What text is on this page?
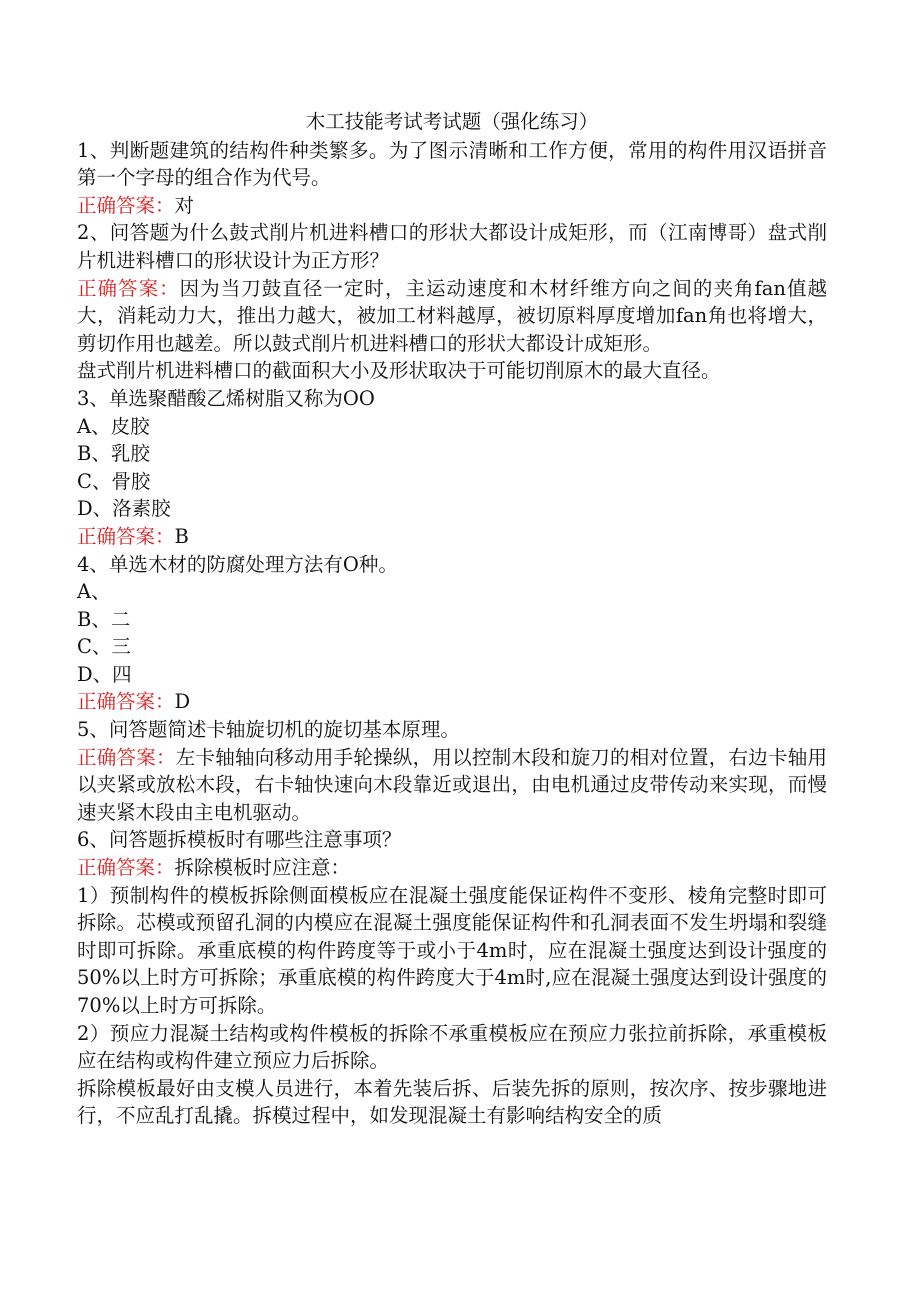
木工技能考试考试题（强化练习）

1、判断题建筑的结构件种类繁多。为了图示清晰和工作方便，常用的构件用汉语拼音第一个字母的组合作为代号。

正确答案：对

2、问答题为什么鼓式削片机进料槽口的形状大都设计成矩形，而（江南博哥）盘式削片机进料槽口的形状设计为正方形？

正确答案：因为当刀鼓直径一定时，主运动速度和木材纤维方向之间的夹角fan值越大，消耗动力大，推出力越大，被加工材料越厚，被切原料厚度增加fan角也将增大，剪切作用也越差。所以鼓式削片机进料槽口的形状大都设计成矩形。

盘式削片机进料槽口的截面积大小及形状取决于可能切削原木的最大直径。

3、单选聚醋酸乙烯树脂又称为OO

A、皮胶

B、乳胶

C、骨胶

D、洛素胶

正确答案：B

4、单选木材的防腐处理方法有O种。

A、

B、二

C、三

D、四

正确答案：D

5、问答题简述卡轴旋切机的旋切基本原理。

正确答案：左卡轴轴向移动用手轮操纵，用以控制木段和旋刀的相对位置，右边卡轴用以夹紧或放松木段，右卡轴快速向木段靠近或退出，由电机通过皮带传动来实现，而慢速夹紧木段由主电机驱动。

6、问答题拆模板时有哪些注意事项？

正确答案：拆除模板时应注意：

1）预制构件的模板拆除侧面模板应在混凝土强度能保证构件不变形、棱角完整时即可拆除。芯模或预留孔洞的内模应在混凝土强度能保证构件和孔洞表面不发生坍塌和裂缝时即可拆除。承重底模的构件跨度等于或小于4m时，应在混凝土强度达到设计强度的50%以上时方可拆除；承重底模的构件跨度大于4m时,应在混凝土强度达到设计强度的70%以上时方可拆除。

2）预应力混凝土结构或构件模板的拆除不承重模板应在预应力张拉前拆除，承重模板应在结构或构件建立预应力后拆除。

拆除模板最好由支模人员进行，本着先装后拆、后装先拆的原则，按次序、按步骤地进行，不应乱打乱撬。拆模过程中，如发现混凝土有影响结构安全的质
